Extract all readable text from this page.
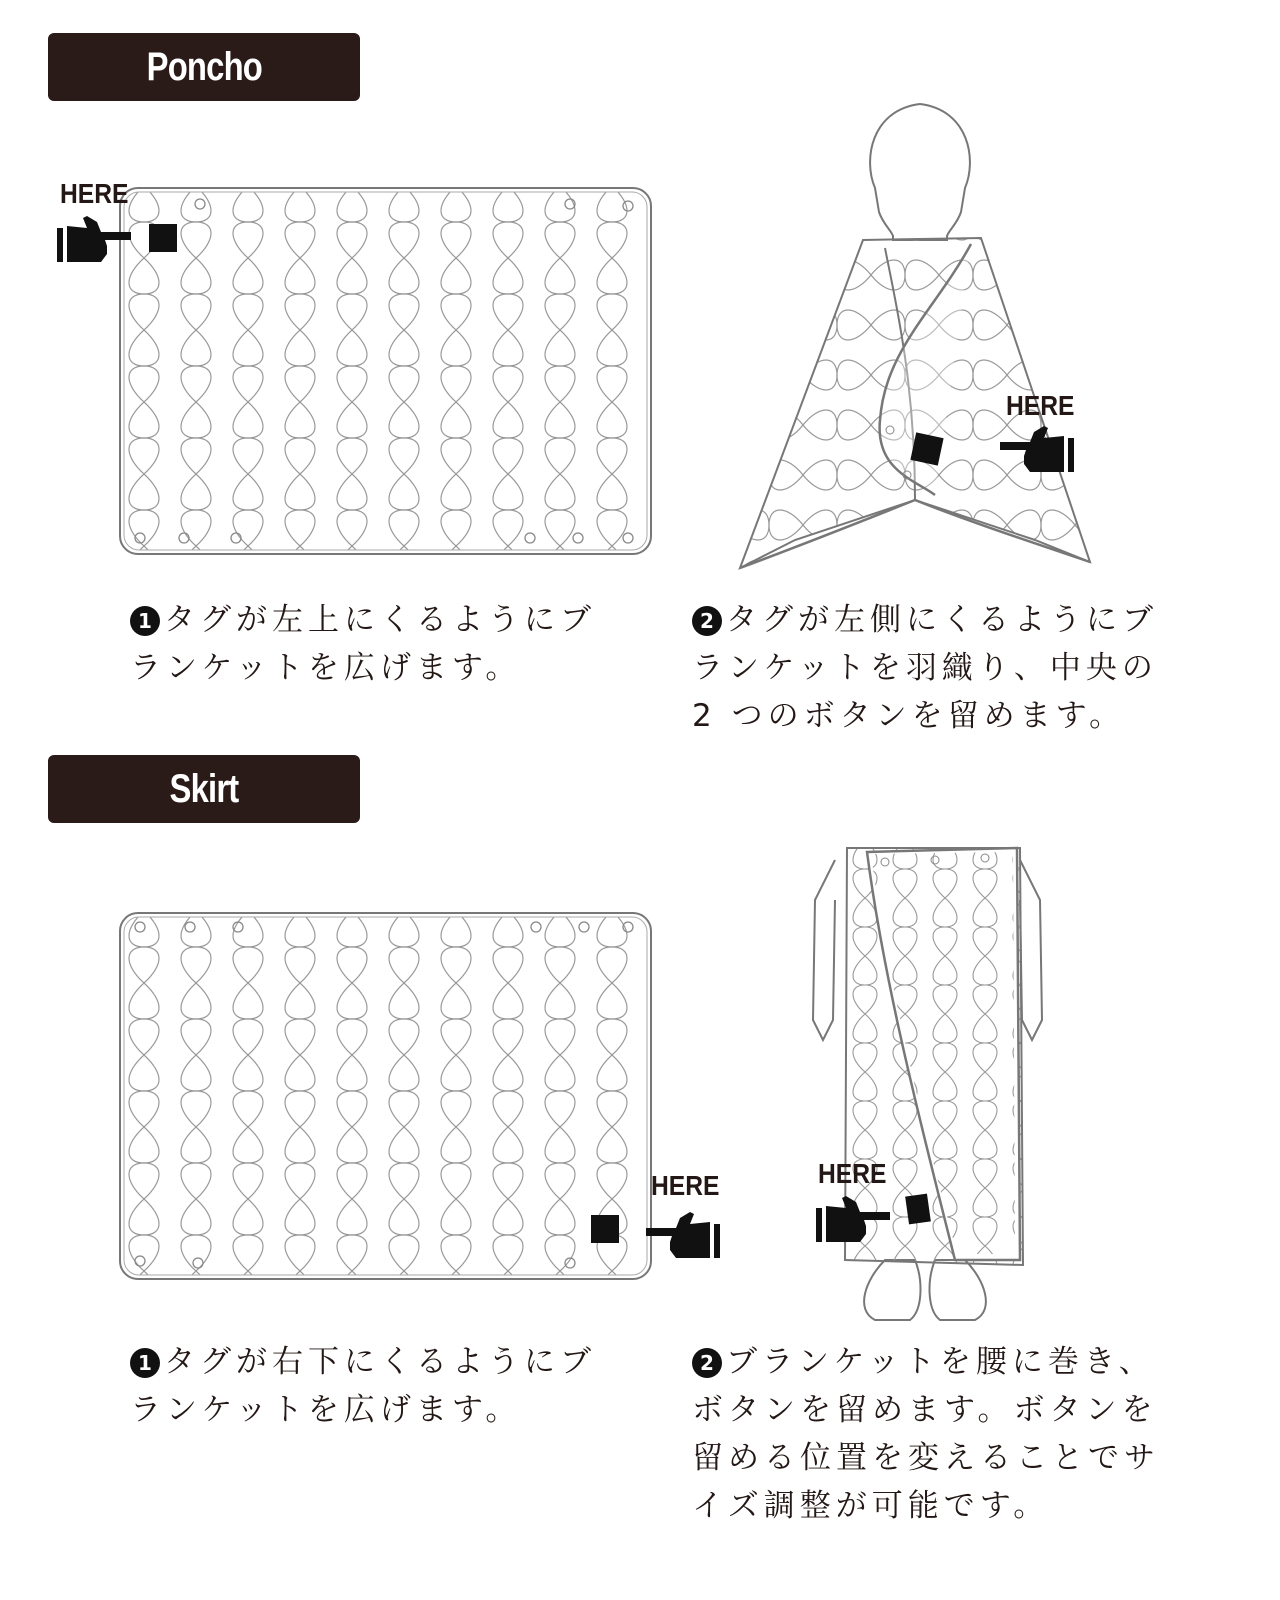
Poncho
HERE
HERE
1 タグが左上にくるようにブランケットを広げます。
2 タグが左側にくるようにブランケットを羽織り、中央の 2 つのボタンを留めます。
Skirt
HERE	HERE
1 タグが右下にくるようにブランケットを広げます。
2 ブランケットを腰に巻き、ボタンを留めます。ボタンを留める位置を変えることでサイズ調整が可能です。
